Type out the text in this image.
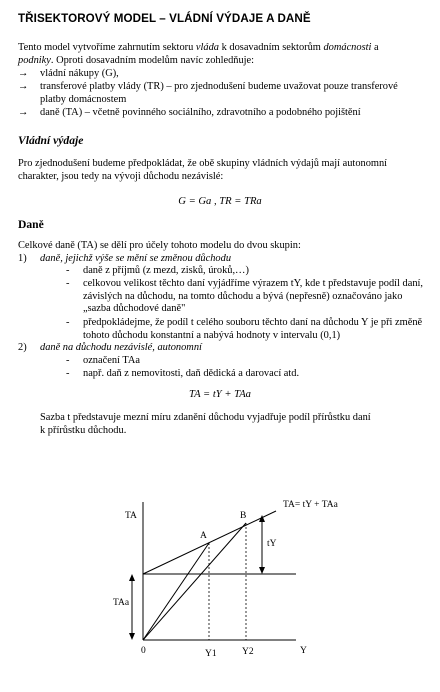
TŘISEKTOROVÝ MODEL – VLÁDNÍ VÝDAJE A DANĚ
Tento model vytvoříme zahrnutím sektoru vláda k dosavadním sektorům domácnosti a
podniky. Oproti dosavadním modelům navíc zohledňuje:
→ vládní nákupy (G),
→ transferové platby vlády (TR) – pro zjednodušení budeme uvažovat pouze transferové
platby domácnostem
→ daně (TA) – včetně povinného sociálního, zdravotního a podobného pojištění
Vládní výdaje
Pro zjednodušení budeme předpokládat, že obě skupiny vládních výdajů mají autonomní
charakter, jsou tedy na vývoji důchodu nezávislé:
G = Ga , TR = TRa
Daně
Celkové daně (TA) se dělí pro účely tohoto modelu do dvou skupin:
1) daně, jejichž výše se mění se změnou důchodu
- daně z příjmů (z mezd, zisků, úroků,…)
- celkovou velikost těchto daní vyjádříme výrazem tY, kde t představuje podíl daní,
závislých na důchodu, na tomto důchodu a bývá (nepřesně) označováno jako
„sazba důchodové daně"
- předpokládejme, že podíl t celého souboru těchto daní na důchodu Y je při změně
tohoto důchodu konstantní a nabývá hodnoty v intervalu (0,1)
2) daně na důchodu nezávislé, autonomní
- označení TAa
- např. daň z nemovitosti, daň dědická a darovací atd.
TA = tY + TAa
Sazba t představuje mezní míru zdanění důchodu vyjadřuje podíl přírůstku daní
k přírůstku důchodu.
TA
TA= tY + TAa
A
B
tY
TAa
0	Y1	Y2	Y
